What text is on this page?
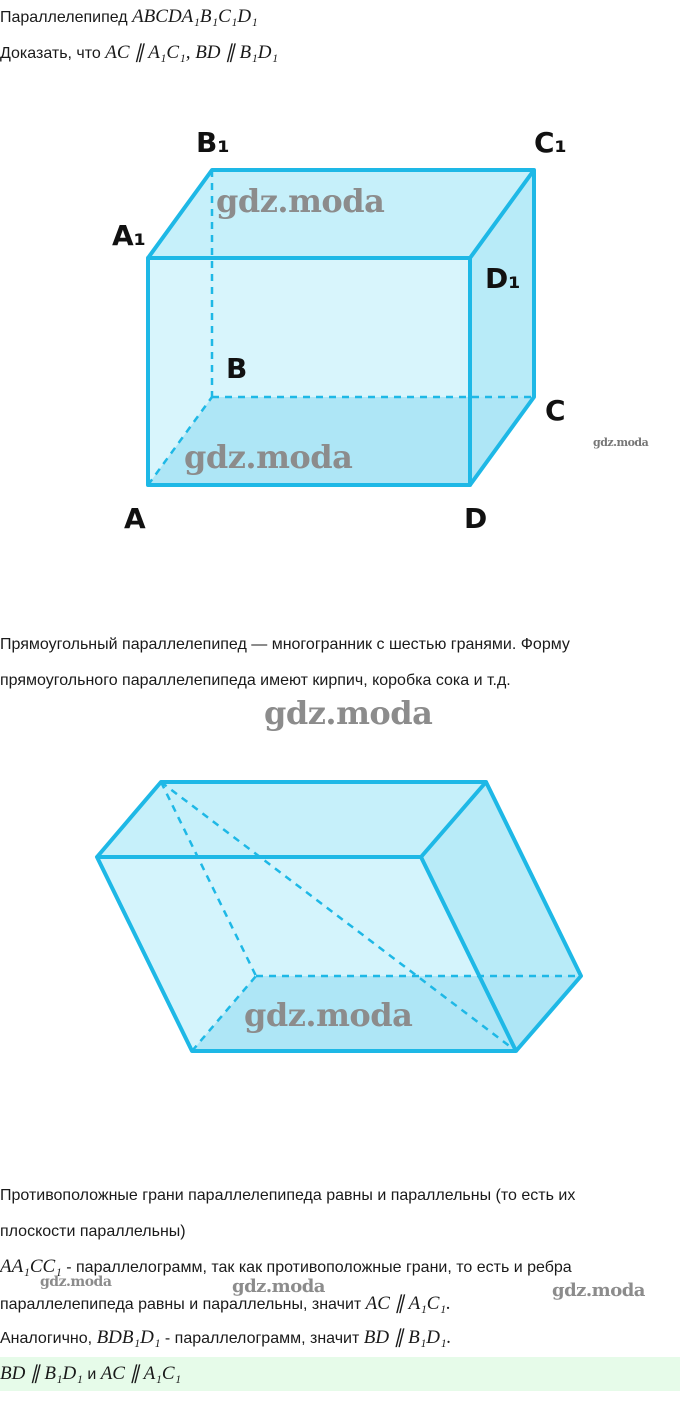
Параллелепипед ABCDA₁B₁C₁D₁
Доказать, что AC ∥ A₁C₁, BD ∥ B₁D₁
B₁	C₁
A₁
D₁
B
C
A	D
gdz.moda
gdz.moda	gdz.moda
Прямоугольный параллелепипед — многогранник с шестью гранями. Форму
прямоугольного параллелепипеда имеют кирпич, коробка сока и т.д.
gdz.moda
gdz.moda
Противоположные грани параллелепипеда равны и параллельны (то есть их
плоскости параллельны)
AA₁CC₁ - параллелограмм, так как противоположные грани, то есть и ребра
gdz.moda	gdz.moda	gdz.moda
параллелепипеда равны и параллельны, значит AC ∥ A₁C₁.
Аналогично, BDB₁D₁ - параллелограмм, значит BD ∥ B₁D₁.
BD ∥ B₁D₁ и AC ∥ A₁C₁
